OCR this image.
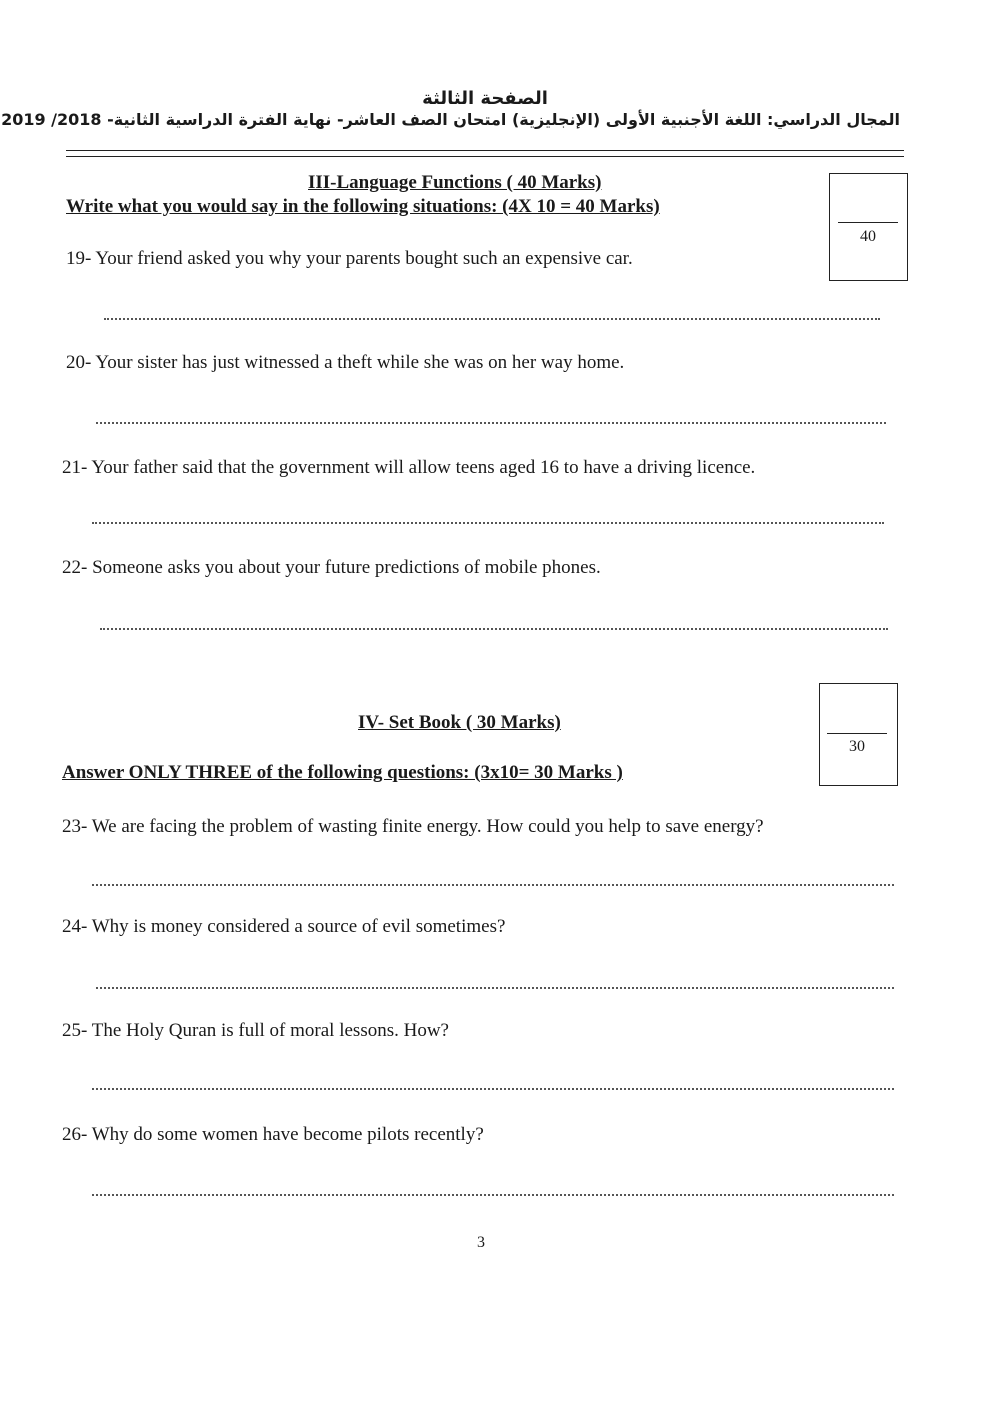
الصفحة الثالثة
المجال الدراسي: اللغة الأجنبية الأولى (الإنجليزية) امتحان الصف العاشر- نهاية الفترة الدراسية الثانية- 2018/ 2019
III-Language Functions ( 40 Marks)
Write what you would say in the following situations: (4X 10 = 40 Marks)
40
19- Your friend asked you why your parents bought such an expensive car.
20- Your sister has just witnessed a theft while she was on her way home.
21- Your father said that the government will allow teens aged 16 to have a driving licence.
22- Someone asks you about your future predictions of mobile phones.
30
IV- Set Book ( 30 Marks)
Answer ONLY THREE of the following questions: (3x10= 30 Marks )
23- We are facing the problem of wasting finite energy. How could you help to save energy?
24- Why is money considered a source of evil sometimes?
25- The Holy Quran is full of moral lessons. How?
26- Why do some women have become pilots recently?
3
